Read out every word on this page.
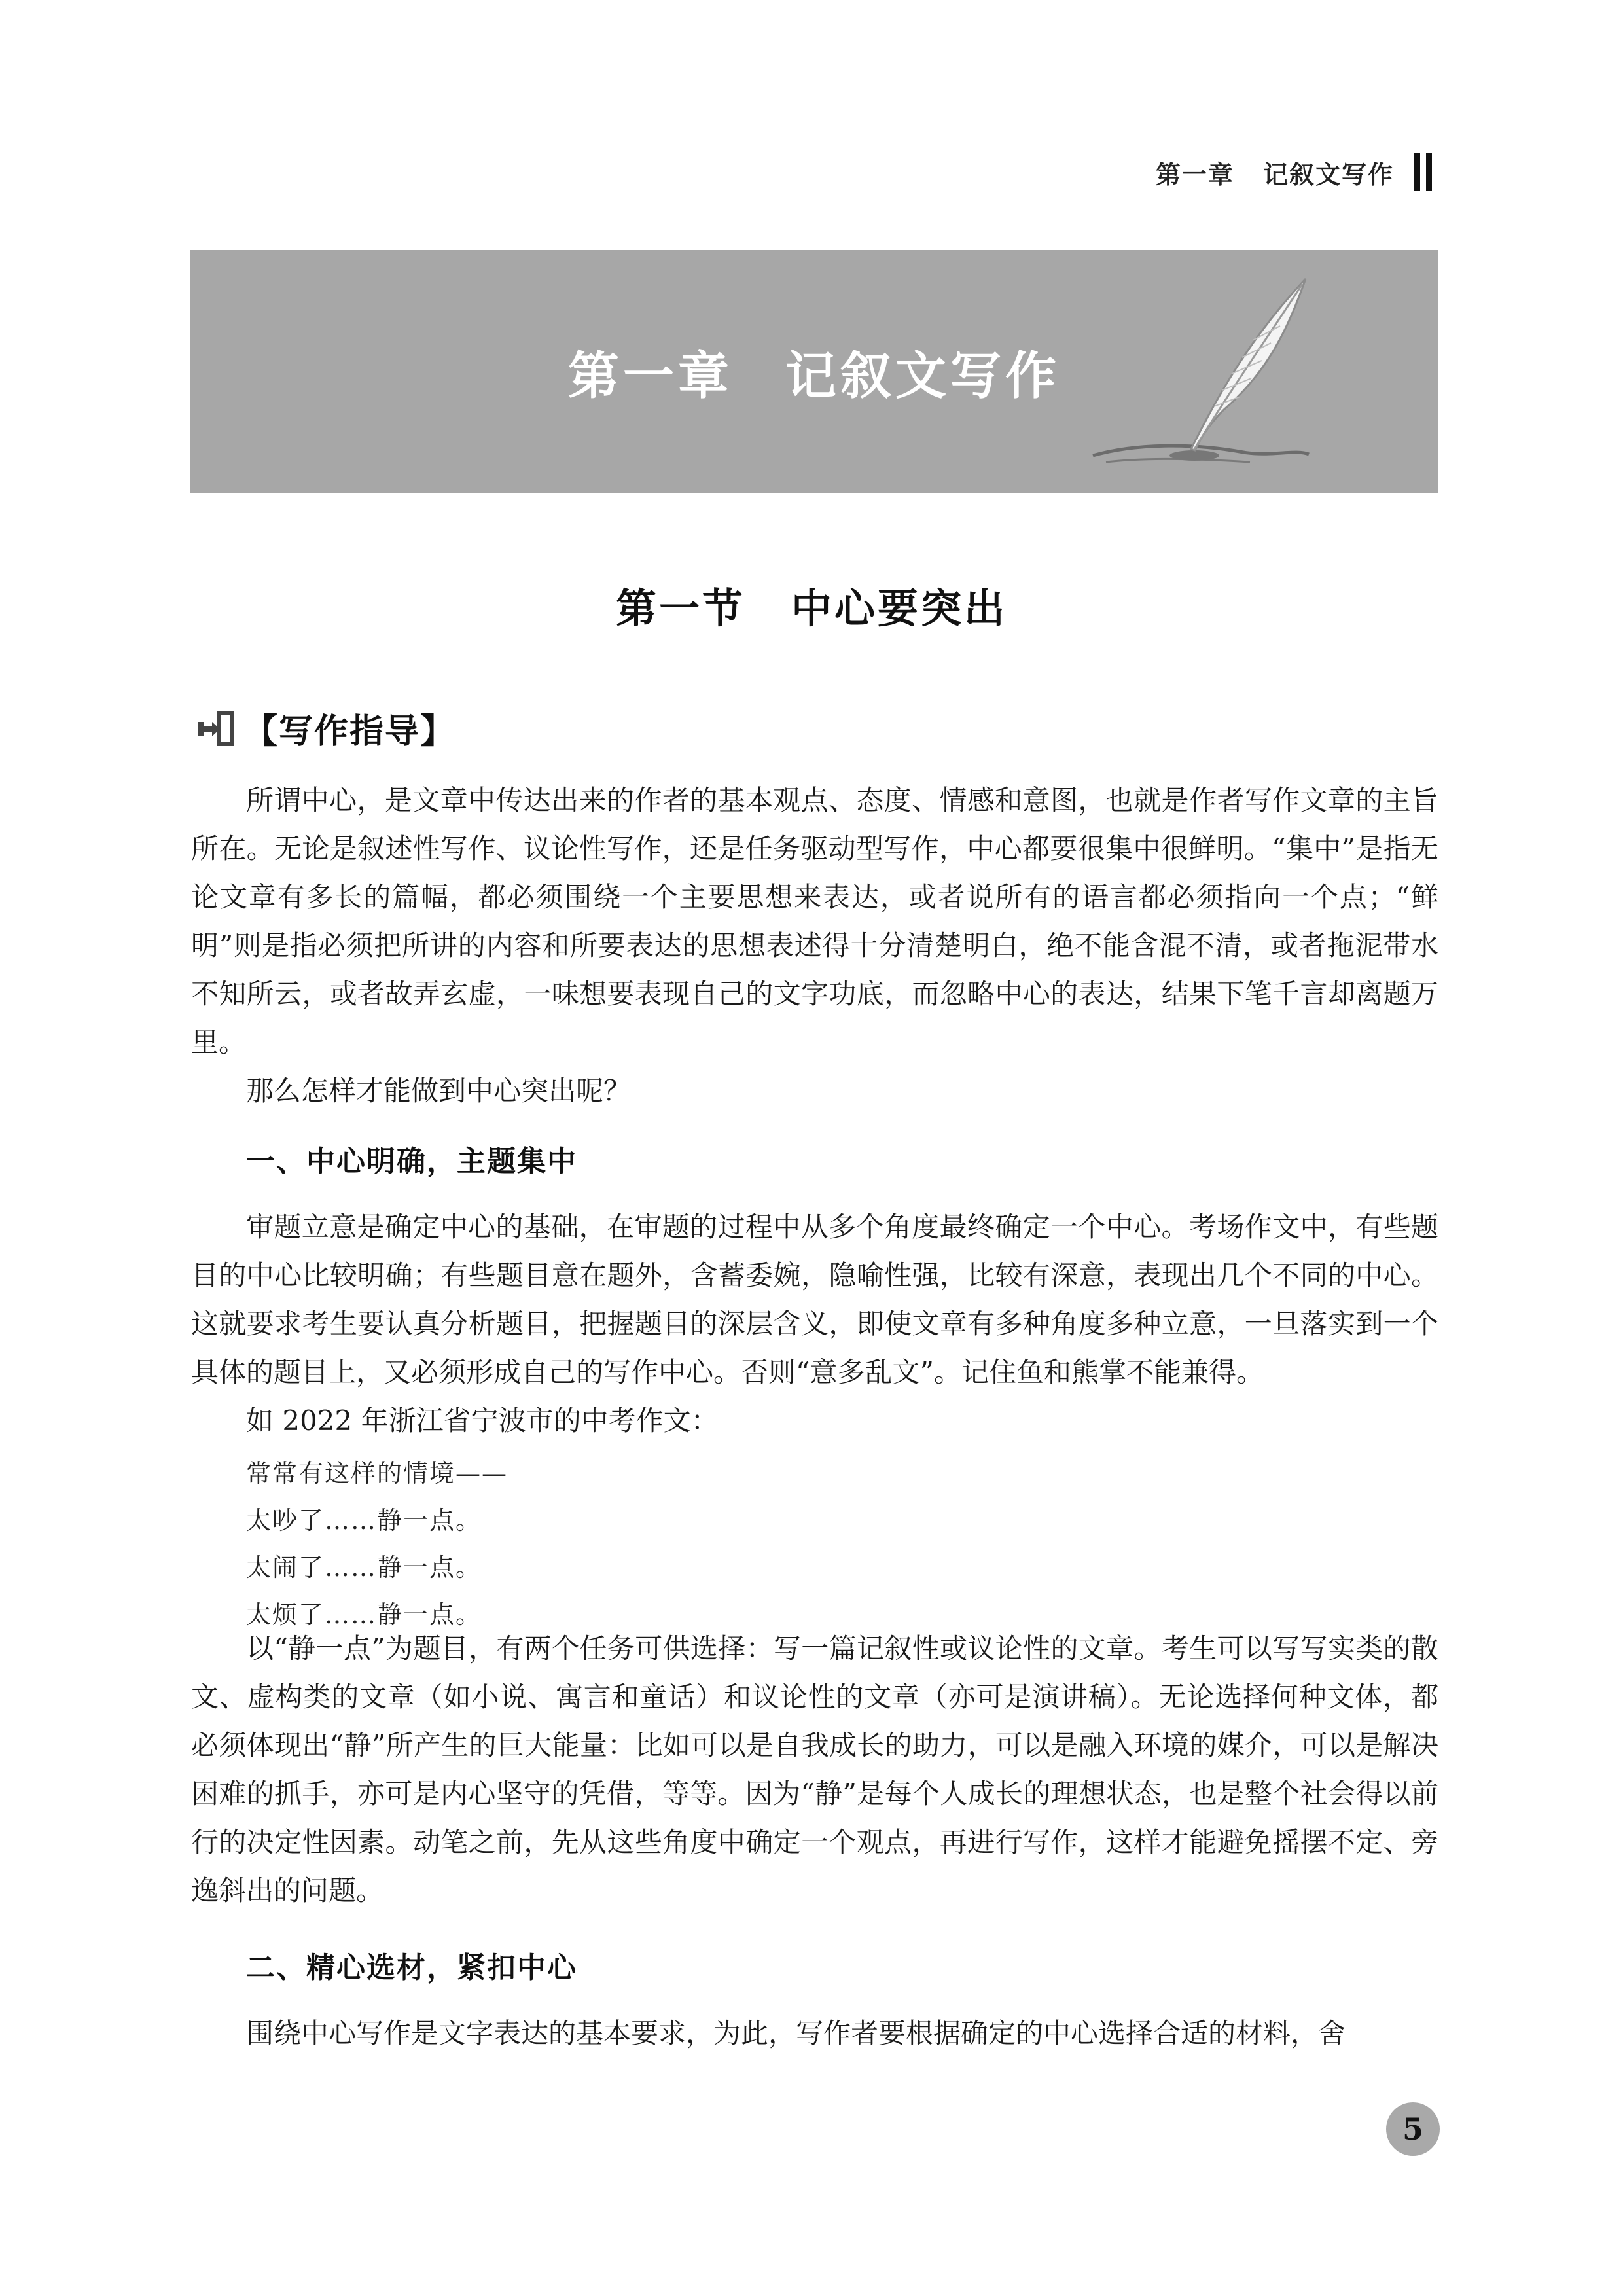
第一章 记叙文写作
第一章 记叙文写作
第一节 中心要突出
【写作指导】

所谓中心，是文章中传达出来的作者的基本观点、态度、情感和意图，也就是作者写作文章的主旨所在。无论是叙述性写作、议论性写作，还是任务驱动型写作，中心都要很集中很鲜明。“集中”是指无论文章有多长的篇幅，都必须围绕一个主要思想来表达，或者说所有的语言都必须指向一个点；“鲜明”则是指必须把所讲的内容和所要表达的思想表述得十分清楚明白，绝不能含混不清，或者拖泥带水不知所云，或者故弄玄虚，一味想要表现自己的文字功底，而忽略中心的表达，结果下笔千言却离题万里。

那么怎样才能做到中心突出呢？

一、中心明确，主题集中

审题立意是确定中心的基础，在审题的过程中从多个角度最终确定一个中心。考场作文中，有些题目的中心比较明确；有些题目意在题外，含蓄委婉，隐喻性强，比较有深意，表现出几个不同的中心。这就要求考生要认真分析题目，把握题目的深层含义，即使文章有多种角度多种立意，一旦落实到一个具体的题目上，又必须形成自己的写作中心。否则“意多乱文”。记住鱼和熊掌不能兼得。

如 2022 年浙江省宁波市的中考作文：

常常有这样的情境——
太吵了……静一点。
太闹了……静一点。
太烦了……静一点。

以“静一点”为题目，有两个任务可供选择：写一篇记叙性或议论性的文章。考生可以写写实类的散文、虚构类的文章（如小说、寓言和童话）和议论性的文章（亦可是演讲稿）。无论选择何种文体，都必须体现出“静”所产生的巨大能量：比如可以是自我成长的助力，可以是融入环境的媒介，可以是解决困难的抓手，亦可是内心坚守的凭借，等等。因为“静”是每个人成长的理想状态，也是整个社会得以前行的决定性因素。动笔之前，先从这些角度中确定一个观点，再进行写作，这样才能避免摇摆不定、旁逸斜出的问题。

二、精心选材，紧扣中心

围绕中心写作是文字表达的基本要求，为此，写作者要根据确定的中心选择合适的材料，舍

5
